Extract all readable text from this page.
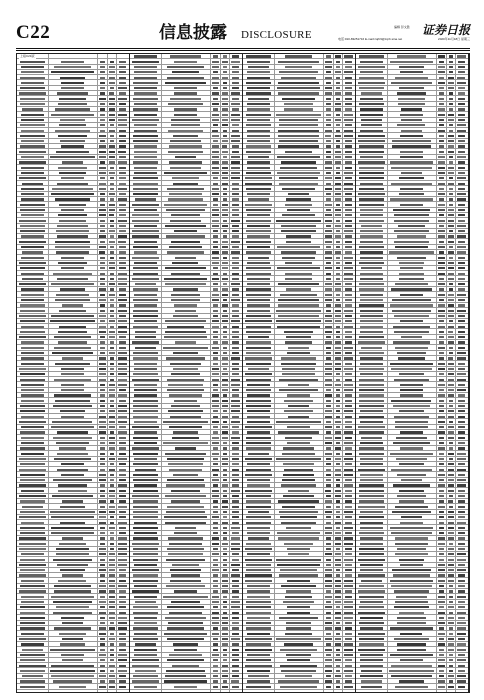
C22	信息披露 DISCLOSURE
编辑 彭文胜 证券日报
电话:010-83251716 E-mail:zqrb9@zqrb.sina.net	2020年11月18日 星期三
上接C21版
